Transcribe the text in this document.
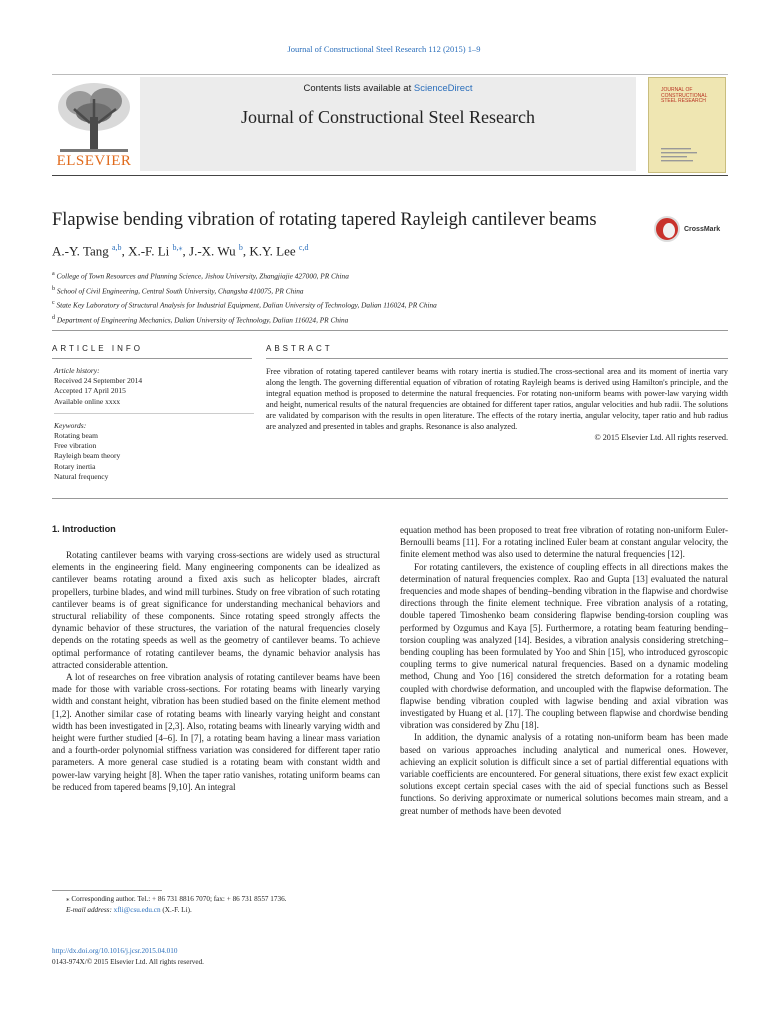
Journal of Constructional Steel Research 112 (2015) 1–9
ELSEVIER
Contents lists available at ScienceDirect
Journal of Constructional Steel Research
JOURNAL OF
CONSTRUCTIONAL
STEEL RESEARCH
Flapwise bending vibration of rotating tapered Rayleigh cantilever beams	CrossMark
A.-Y. Tang $^{a,b}$, X.-F. Li $^{b,⁎}$, J.-X. Wu $^b$, K.Y. Lee $^{c,d}$
$^a$ College of Town Resources and Planning Science, Jishou University, Zhangjiajie 427000, PR China
$^b$ School of Civil Engineering, Central South University, Changsha 410075, PR China
$^c$ State Key Laboratory of Structural Analysis for Industrial Equipment, Dalian University of Technology, Dalian 116024, PR China
$^d$ Department of Engineering Mechanics, Dalian University of Technology, Dalian 116024, PR China
ARTICLE INFO	ABSTRACT
Article history:
Received 24 September 2014
Accepted 17 April 2015
Available online xxxx
Keywords:
Rotating beam
Free vibration
Rayleigh beam theory
Rotary inertia
Natural frequency
Free vibration of rotating tapered cantilever beams with rotary inertia is studied.The cross-sectional area and its moment of inertia vary along the length. The governing differential equation of vibration of rotating Rayleigh beams is derived using Hamilton's principle, and the integral equation method is proposed to determine the natural frequencies. For rotating non-uniform beams with power-law varying width and height, numerical results of the natural frequencies are obtained for different taper ratios, angular velocities and hub radii. The solutions are validated by comparison with the results in open literature. The effects of the rotary inertia, angular velocity, taper ratio and hub radius are analyzed and presented in tables and graphs. Resonance is also analyzed.
© 2015 Elsevier Ltd. All rights reserved.
1. Introduction

Rotating cantilever beams with varying cross-sections are widely used as structural elements in the engineering field. Many engineering components can be idealized as cantilever beams rotating around a fixed axis such as helicopter blades, aircraft propellers, turbine blades, and wind mill turbines. Study on free vibration of such rotating cantilever beams is of great significance for understanding mechanical behaviors and structural reliability of these components. Since rotating speed strongly affects the dynamic behavior of these structures, the variation of the natural frequencies closely depends on the rotating speeds as well as the geometry of cantilever beams. To achieve optimal performance of rotating cantilever beams, the dynamic behavior analysis has attracted considerable attention.

A lot of researches on free vibration analysis of rotating cantilever beams have been made for those with variable cross-sections. For rotating beams with linearly varying width and constant height, vibration has been studied based on the finite element method [1,2]. Another similar case of rotating beams with linearly varying height and constant width has been investigated in [2,3]. Also, rotating beams with linearly varying width and height were further studied [4–6]. In [7], a rotating beam having a linear mass variation and a fourth-order polynomial stiffness variation was considered for different taper ratio parameters. A more general case studied is a rotating beam with constant width and power-law varying height [8]. When the taper ratio vanishes, rotating uniform beams can be reduced from tapered beams [9,10]. An integral

equation method has been proposed to treat free vibration of rotating non-uniform Euler-Bernoulli beams [11]. For a rotating inclined Euler beam at constant angular velocity, the finite element method was also used to determine the natural frequencies [12].

For rotating cantilevers, the existence of coupling effects in all directions makes the determination of natural frequencies complex. Rao and Gupta [13] evaluated the natural frequencies and mode shapes of bending–bending vibration in the flapwise and chordwise directions through the finite element technique. Free vibration analysis of a rotating, double tapered Timoshenko beam considering flapwise bending-torsion coupling was performed by Ozgumus and Kaya [5]. Furthermore, a rotating beam featuring bending–torsion coupling was analyzed [14]. Besides, a vibration analysis considering stretching–bending coupling has been formulated by Yoo and Shin [15], who introduced gyroscopic coupling terms to give numerical natural frequencies. Based on a dynamic modeling method, Chung and Yoo [16] considered the stretch deformation for a rotating beam coupled with chordwise deformation, and uncoupled with the flapwise deformation. The flapwise bending vibration coupled with lagwise bending and axial vibration was investigated by Huang et al. [17]. The coupling between flapwise and chordwise bending vibration was considered by Zhu [18].

In addition, the dynamic analysis of a rotating non-uniform beam has been made based on various approaches including analytical and numerical ones. However, achieving an explicit solution is difficult since a set of partial differential equations with variable coefficients are encountered. For general situations, there exist few exact explicit solutions except certain special cases with the aid of special functions such as Bessel functions. So deriving approximate or numerical solutions becomes main stream, and a great number of methods have been devoted

⁎ Corresponding author. Tel.: + 86 731 8816 7070; fax: + 86 731 8557 1736.
E-mail address: xfli@csu.edu.cn (X.-F. Li).
http://dx.doi.org/10.1016/j.jcsr.2015.04.010
0143-974X/© 2015 Elsevier Ltd. All rights reserved.
